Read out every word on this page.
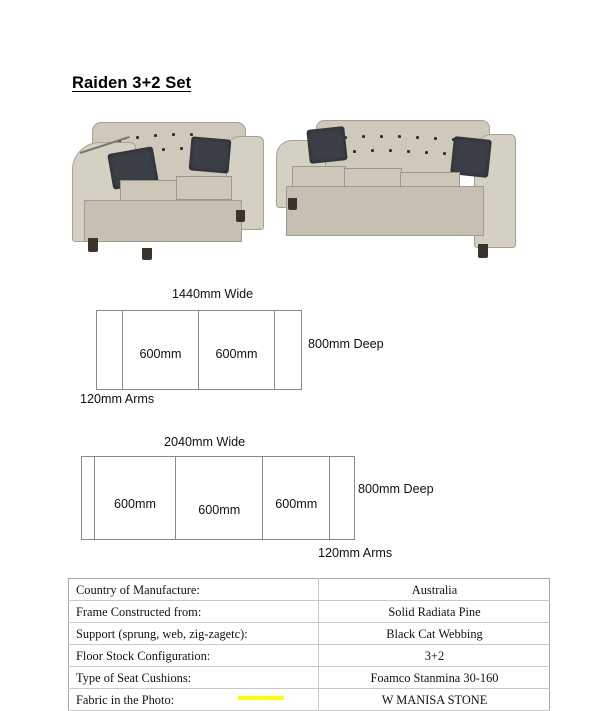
Raiden 3+2 Set
1440mm Wide
600mm	600mm
800mm Deep
120mm Arms
2040mm Wide
600mm	600mm	600mm
800mm Deep
120mm Arms
Country of Manufacture:	Australia
Frame Constructed from:	Solid Radiata Pine
Support (sprung, web, zig-zagetc):	Black Cat Webbing
Floor Stock Configuration:	3+2
Type of Seat Cushions:	Foamco Stanmina 30-160
Fabric in the Photo:	W MANISA STONE
